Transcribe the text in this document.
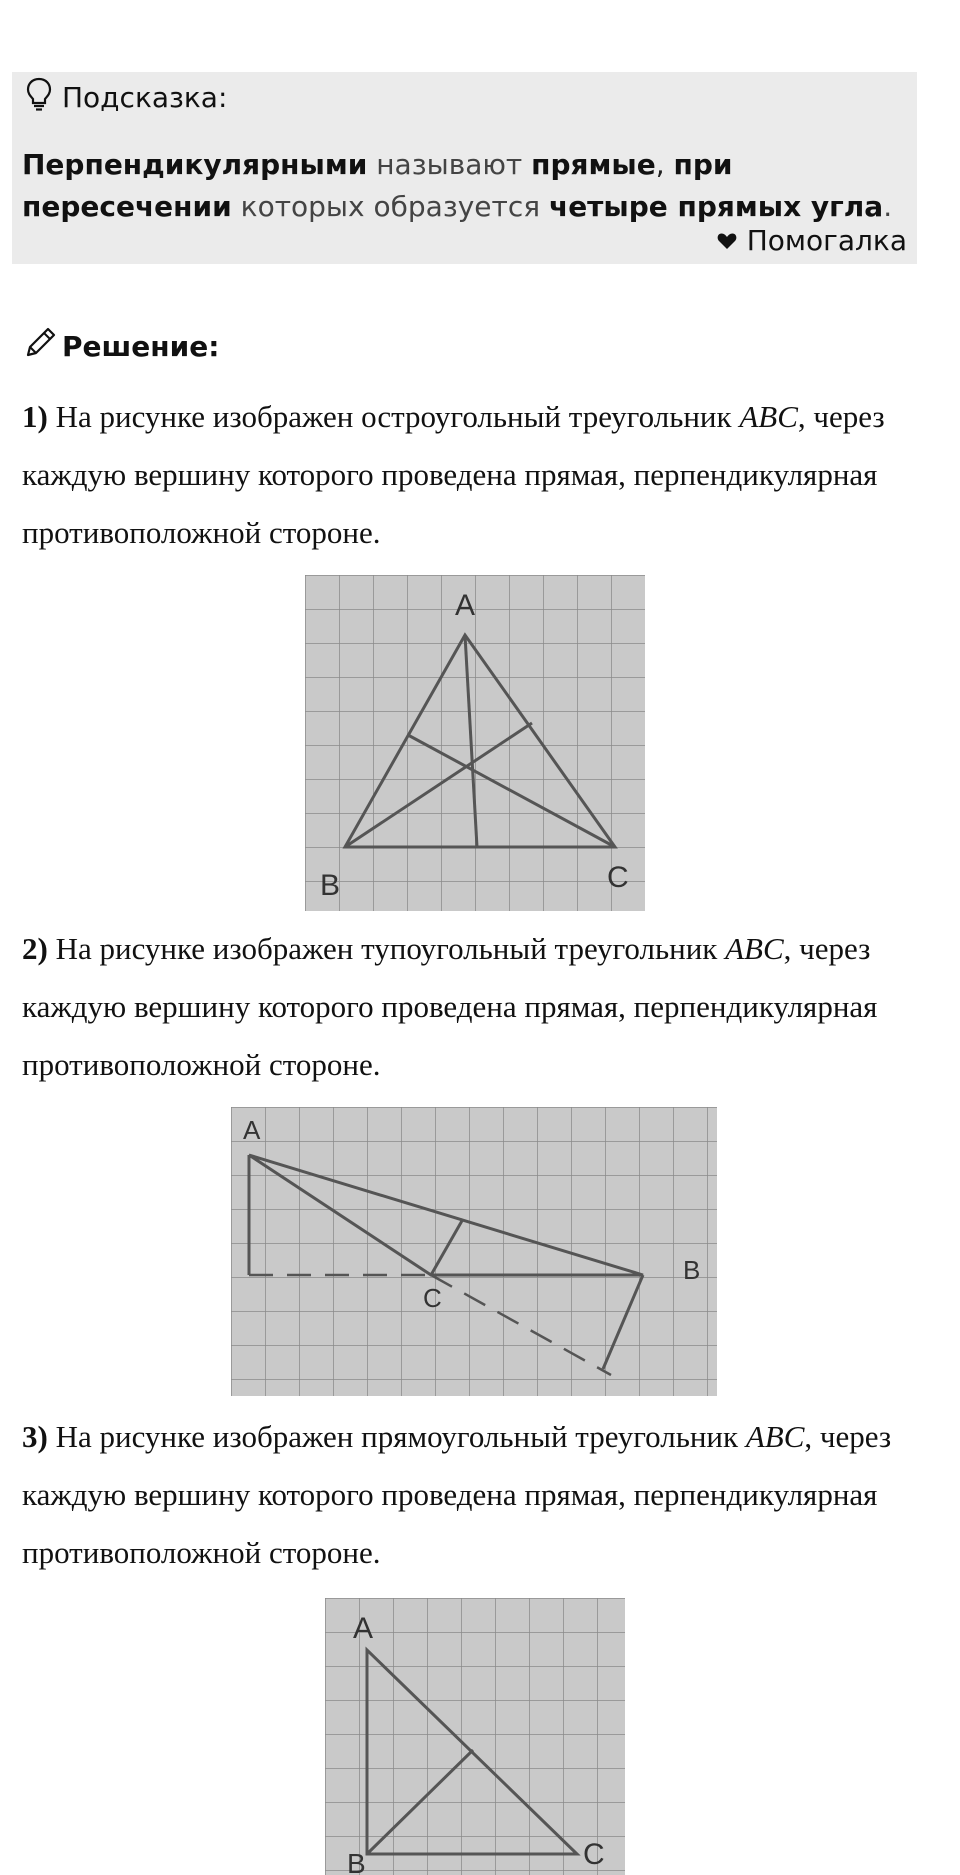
Подсказка:
Перпендикулярными называют прямые, при пересечении которых образуется четыре прямых угла.
Помогалка
Решение:
1) На рисунке изображен остроугольный треугольник ABC, через каждую вершину которого проведена прямая, перпендикулярная противоположной стороне.
A
B	C
2) На рисунке изображен тупоугольный треугольник ABC, через каждую вершину которого проведена прямая, перпендикулярная противоположной стороне.
A
B
C
3) На рисунке изображен прямоугольный треугольник ABC, через каждую вершину которого проведена прямая, перпендикулярная противоположной стороне.
A
B	C
